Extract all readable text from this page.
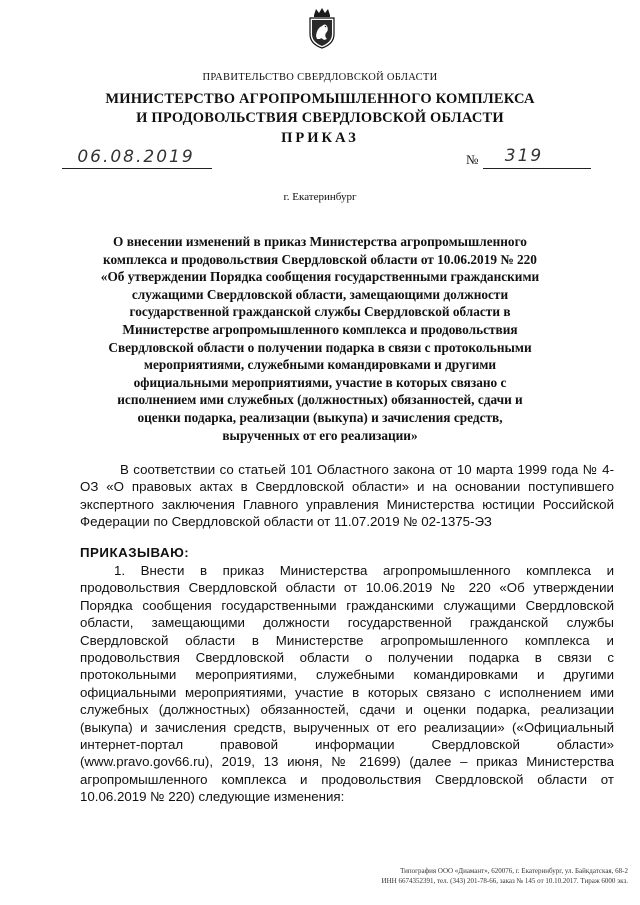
ПРАВИТЕЛЬСТВО СВЕРДЛОВСКОЙ ОБЛАСТИ
МИНИСТЕРСТВО АГРОПРОМЫШЛЕННОГО КОМПЛЕКСА
И ПРОДОВОЛЬСТВИЯ СВЕРДЛОВСКОЙ ОБЛАСТИ
ПРИКАЗ
06.08.2019	№	319
г. Екатеринбург
О внесении изменений в приказ Министерства агропромышленного комплекса и продовольствия Свердловской области от 10.06.2019 № 220 «Об утверждении Порядка сообщения государственными гражданскими служащими Свердловской области, замещающими должности государственной гражданской службы Свердловской области в Министерстве агропромышленного комплекса и продовольствия Свердловской области о получении подарка в связи с протокольными мероприятиями, служебными командировками и другими официальными мероприятиями, участие в которых связано с исполнением ими служебных (должностных) обязанностей, сдачи и оценки подарка, реализации (выкупа) и зачисления средств, вырученных от его реализации»
В соответствии со статьей 101 Областного закона от 10 марта 1999 года № 4-ОЗ «О правовых актах в Свердловской области» и на основании поступившего экспертного заключения Главного управления Министерства юстиции Российской Федерации по Свердловской области от 11.07.2019 № 02-1375-ЭЗ
ПРИКАЗЫВАЮ:
1. Внести в приказ Министерства агропромышленного комплекса и продовольствия Свердловской области от 10.06.2019 № 220 «Об утверждении Порядка сообщения государственными гражданскими служащими Свердловской области, замещающими должности государственной гражданской службы Свердловской области в Министерстве агропромышленного комплекса и продовольствия Свердловской области о получении подарка в связи с протокольными мероприятиями, служебными командировками и другими официальными мероприятиями, участие в которых связано с исполнением ими служебных (должностных) обязанностей, сдачи и оценки подарка, реализации (выкупа) и зачисления средств, вырученных от его реализации» («Официальный интернет-портал правовой информации Свердловской области» (www.pravo.gov66.ru), 2019, 13 июня, № 21699) (далее – приказ Министерства агропромышленного комплекса и продовольствия Свердловской области от 10.06.2019 № 220) следующие изменения:
Типография ООО «Диамант», 620076, г. Екатеринбург, ул. Байкдатская, 68-2
ИНН 6674352391, тел. (343) 201-78-66, заказ № 145 от 10.10.2017. Тираж 6000 экз.
